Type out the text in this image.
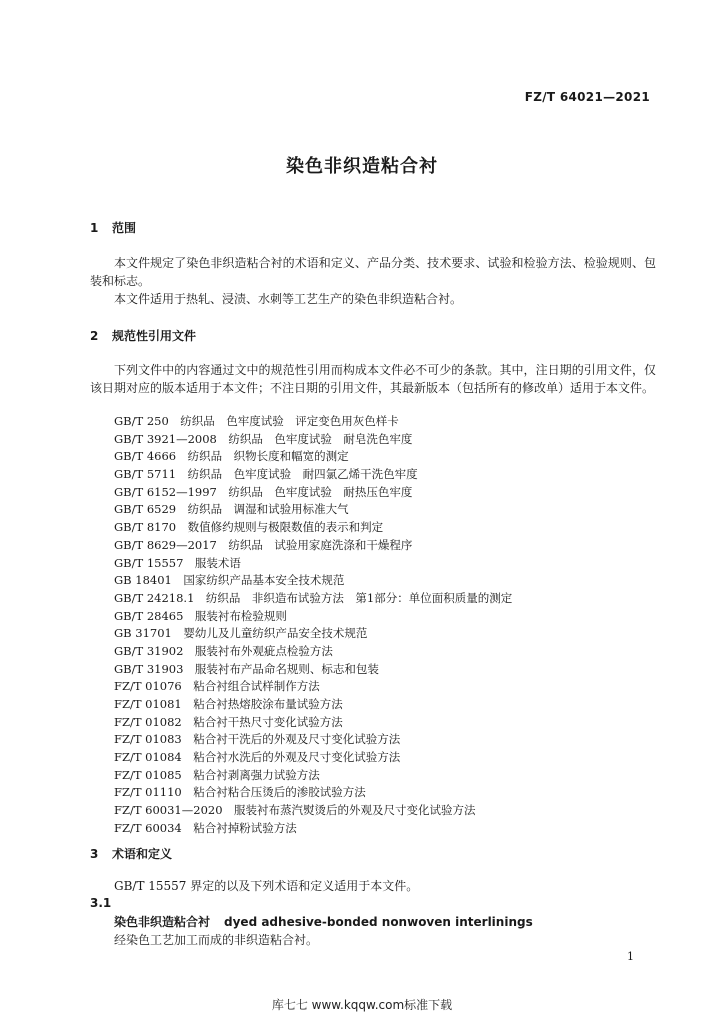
FZ/T 64021—2021
染色非织造粘合衬
1 范围

本文件规定了染色非织造粘合衬的术语和定义、产品分类、技术要求、试验和检验方法、检验规则、包装和标志。

本文件适用于热轧、浸渍、水刺等工艺生产的染色非织造粘合衬。

2 规范性引用文件

下列文件中的内容通过文中的规范性引用而构成本文件必不可少的条款。其中，注日期的引用文件，仅该日期对应的版本适用于本文件；不注日期的引用文件，其最新版本（包括所有的修改单）适用于本文件。

GB/T 250　纺织品　色牢度试验　评定变色用灰色样卡
GB/T 3921—2008　纺织品　色牢度试验　耐皂洗色牢度
GB/T 4666　纺织品　织物长度和幅宽的测定
GB/T 5711　纺织品　色牢度试验　耐四氯乙烯干洗色牢度
GB/T 6152—1997　纺织品　色牢度试验　耐热压色牢度
GB/T 6529　纺织品　调湿和试验用标准大气
GB/T 8170　数值修约规则与极限数值的表示和判定
GB/T 8629—2017　纺织品　试验用家庭洗涤和干燥程序
GB/T 15557　服装术语
GB 18401　国家纺织产品基本安全技术规范
GB/T 24218.1　纺织品　非织造布试验方法　第1部分：单位面积质量的测定
GB/T 28465　服装衬布检验规则
GB 31701　婴幼儿及儿童纺织产品安全技术规范
GB/T 31902　服装衬布外观疵点检验方法
GB/T 31903　服装衬布产品命名规则、标志和包装
FZ/T 01076　粘合衬组合试样制作方法
FZ/T 01081　粘合衬热熔胶涂布量试验方法
FZ/T 01082　粘合衬干热尺寸变化试验方法
FZ/T 01083　粘合衬干洗后的外观及尺寸变化试验方法
FZ/T 01084　粘合衬水洗后的外观及尺寸变化试验方法
FZ/T 01085　粘合衬剥离强力试验方法
FZ/T 01110　粘合衬粘合压烫后的渗胶试验方法
FZ/T 60031—2020　服装衬布蒸汽熨烫后的外观及尺寸变化试验方法
FZ/T 60034　粘合衬掉粉试验方法
3 术语和定义

GB/T 15557 界定的以及下列术语和定义适用于本文件。

3.1
染色非织造粘合衬 dyed adhesive-bonded nonwoven interlinings
经染色工艺加工而成的非织造粘合衬。
1
库七七 www.kqqw.com标准下载
